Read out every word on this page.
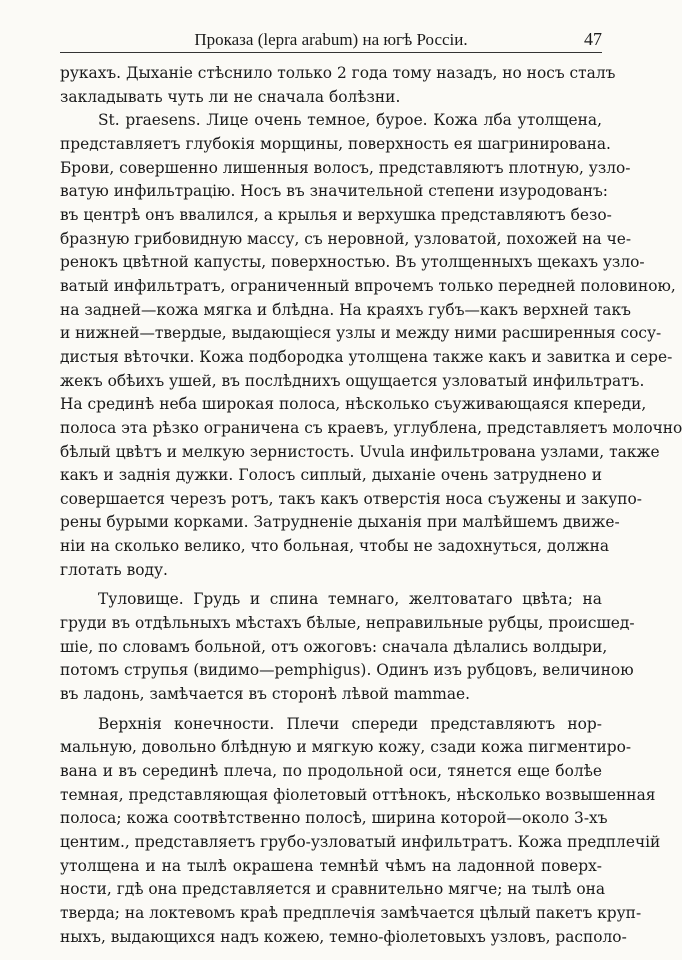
Проказа (lepra arabum) на югѣ Россіи.	47
рукахъ. Дыханіе стѣснило только 2 года тому назадъ, но носъ сталъ
закладывать чуть ли не сначала болѣзни.
St. praesens. Лице очень темное, бурое. Кожа лба утолщена,
представляетъ глубокія морщины, поверхность ея шагринирована.
Брови, совершенно лишенныя волосъ, представляютъ плотную, узло-
ватую инфильтрацію. Носъ въ значительной степени изуродованъ:
въ центрѣ онъ ввалился, а крылья и верхушка представляютъ безо-
бразную грибовидную массу, съ неровной, узловатой, похожей на че-
ренокъ цвѣтной капусты, поверхностью. Въ утолщенныхъ щекахъ узло-
ватый инфильтратъ, ограниченный впрочемъ только передней половиною,
на задней—кожа мягка и блѣдна. На краяхъ губъ—какъ верхней такъ
и нижней—твердые, выдающіеся узлы и между ними расширенныя сосу-
дистыя вѣточки. Кожа подбородка утолщена также какъ и завитка и сере-
жекъ обѣихъ ушей, въ послѣднихъ ощущается узловатый инфильтратъ.
На срединѣ неба широкая полоса, нѣсколько съуживающаяся кпереди,
полоса эта рѣзко ограничена съ краевъ, углублена, представляетъ молочно
бѣлый цвѣтъ и мелкую зернистость. Uvula инфильтрована узлами, также
какъ и заднія дужки. Голосъ сиплый, дыханіе очень затруднено и
совершается черезъ ротъ, такъ какъ отверстія носа съужены и закупо-
рены бурыми корками. Затрудненіе дыханія при малѣйшемъ движе-
ніи на сколько велико, что больная, чтобы не задохнуться, должна
глотать воду.
Туловище. Грудь и спина темнаго, желтоватаго цвѣта; на
груди въ отдѣльныхъ мѣстахъ бѣлые, неправильные рубцы, происшед-
шіе, по словамъ больной, отъ ожоговъ: сначала дѣлались волдыри,
потомъ струпья (видимо—pemphigus). Одинъ изъ рубцовъ, величиною
въ ладонь, замѣчается въ сторонѣ лѣвой mammae.
Верхнія конечности. Плечи спереди представляютъ нор-
мальную, довольно блѣдную и мягкую кожу, сзади кожа пигментиро-
вана и въ серединѣ плеча, по продольной оси, тянется еще болѣе
темная, представляющая фіолетовый оттѣнокъ, нѣсколько возвышенная
полоса; кожа соотвѣтственно полосѣ, ширина которой—около 3-хъ
центим., представляетъ грубо-узловатый инфильтратъ. Кожа предплечій
утолщена и на тылѣ окрашена темнѣй чѣмъ на ладонной поверх-
ности, гдѣ она представляется и сравнительно мягче; на тылѣ она
тверда; на локтевомъ краѣ предплечія замѣчается цѣлый пакетъ круп-
ныхъ, выдающихся надъ кожею, темно-фіолетовыхъ узловъ, располо-
